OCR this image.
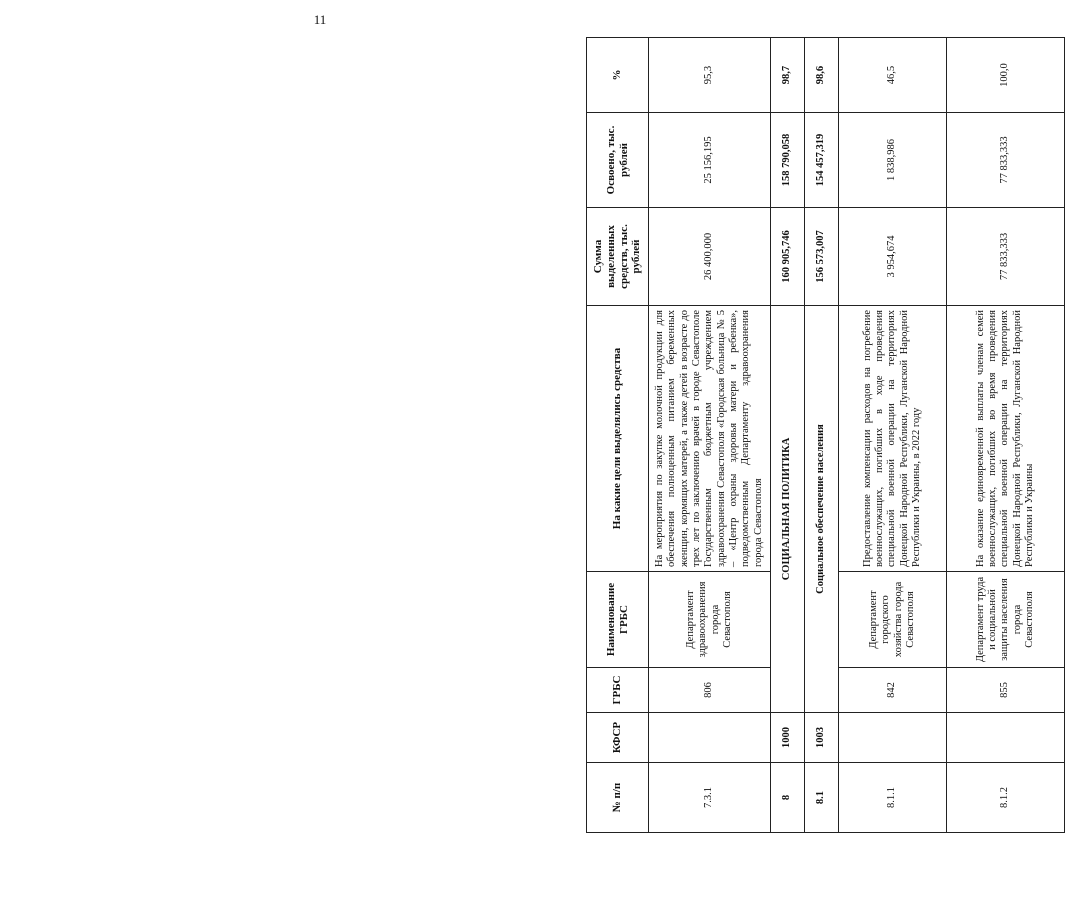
11
№ п/п	КФСР	ГРБС	Наименование ГРБС	На какие цели выделялись средства	Сумма выделенных средств, тыс. рублей	Освоено, тыс. рублей	%
7.3.1		806	Департамент здравоохранения города Севастополя	На мероприятия по закупке молочной продукции для обеспечения полноценным питанием беременных женщин, кормящих матерей, а также детей в возрасте до трех лет по заключению врачей в городе Севастополе Государственным бюджетным учреждением здравоохранения Севастополя «Городская больница № 5 – «Центр охраны здоровья матери и ребенка», подведомственным Департаменту здравоохранения города Севастополя	26 400,000	25 156,195	95,3
8	1000	СОЦИАЛЬНАЯ ПОЛИТИКА			160 905,746	158 790,058	98,7
8.1	1003	Социальное обеспечение населения			156 573,007	154 457,319	98,6
8.1.1		842	Департамент городского хозяйства города Севастополя	Предоставление компенсации расходов на погребение военнослужащих, погибших в ходе проведения специальной военной операции на территориях Донецкой Народной Республики, Луганской Народной Республики и Украины, в 2022 году	3 954,674	1 838,986	46,5
8.1.2		855	Департамент труда и социальной защиты населения города Севастополя	На оказание единовременной выплаты членам семей военнослужащих, погибших во время проведения специальной военной операции на территориях Донецкой Народной Республики, Луганской Народной Республики и Украины	77 833,333	77 833,333	100,0
